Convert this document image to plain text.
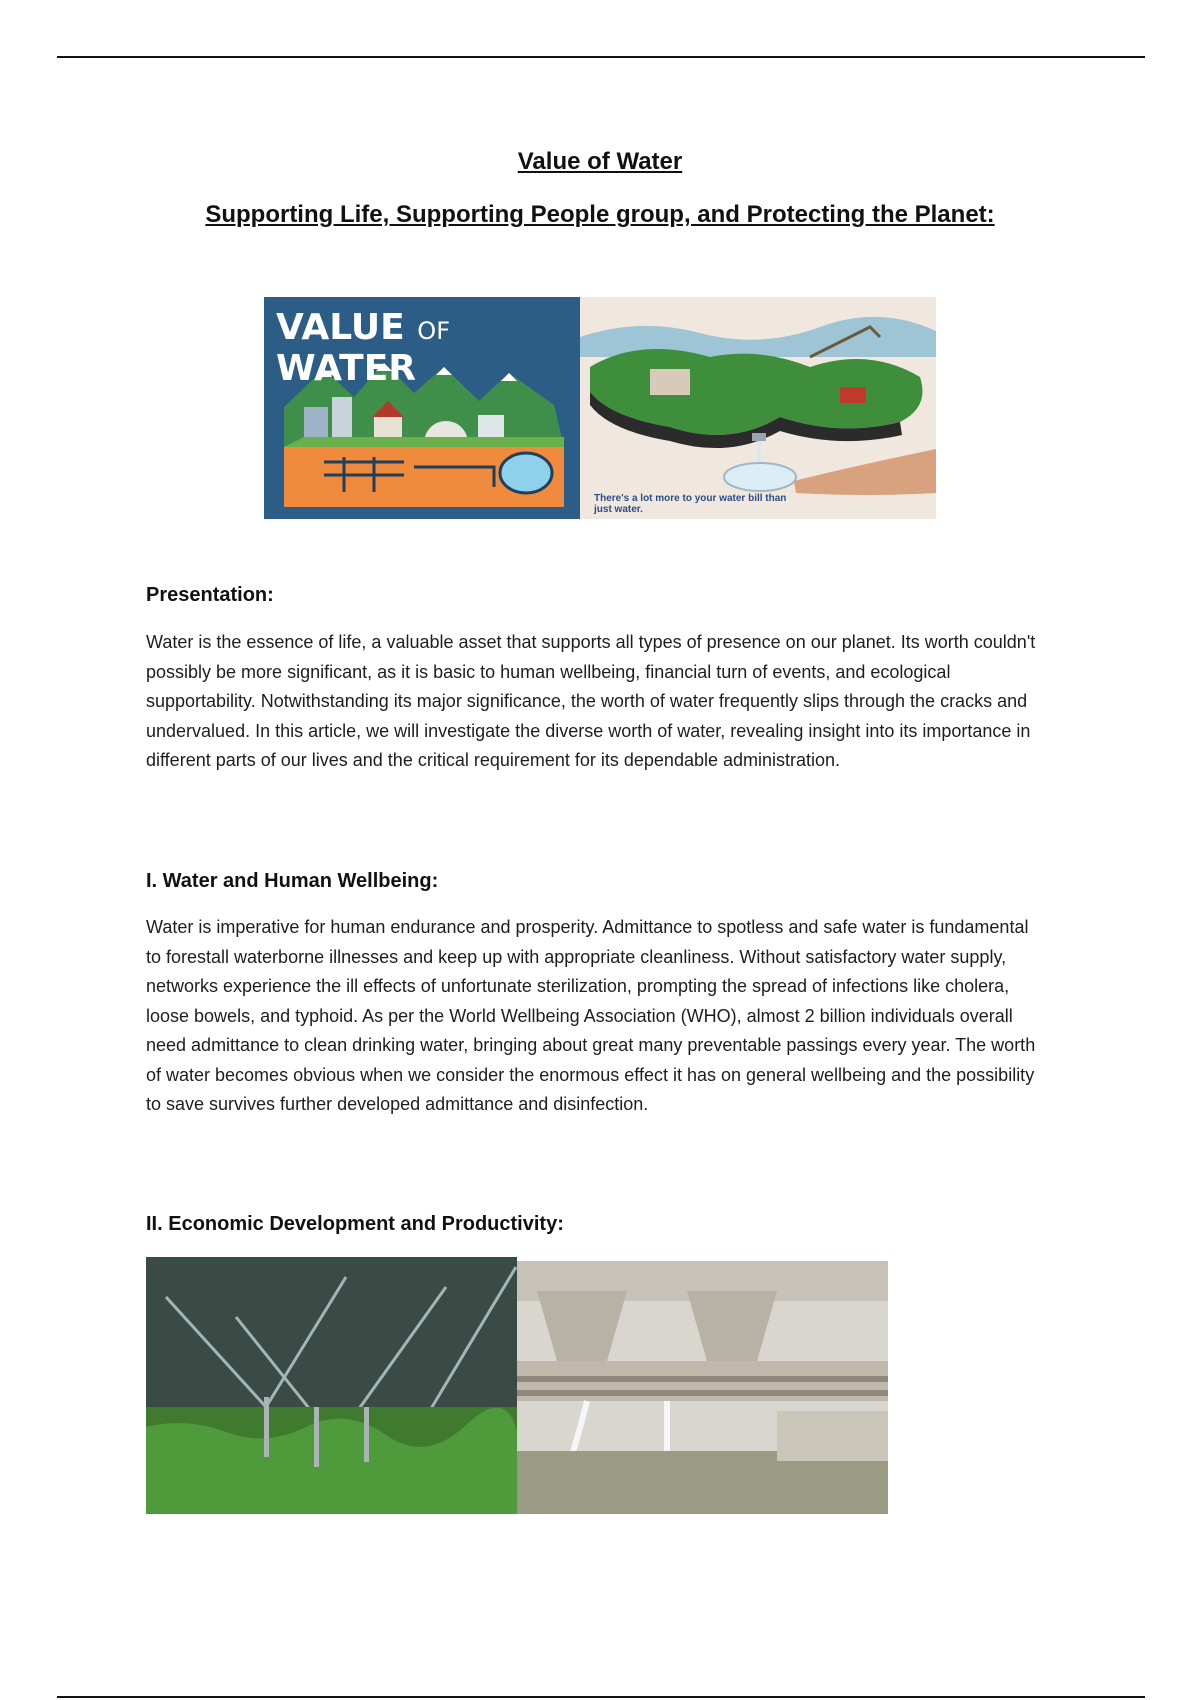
Value of Water
Supporting Life, Supporting People group, and Protecting the Planet:
VALUE OF WATER
There's a lot more to your water bill than just water.
Presentation:
Water is the essence of life, a valuable asset that supports all types of presence on our planet. Its worth couldn't possibly be more significant, as it is basic to human wellbeing, financial turn of events, and ecological supportability. Notwithstanding its major significance, the worth of water frequently slips through the cracks and undervalued. In this article, we will investigate the diverse worth of water, revealing insight into its importance in different parts of our lives and the critical requirement for its dependable administration.
I. Water and Human Wellbeing:
Water is imperative for human endurance and prosperity. Admittance to spotless and safe water is fundamental to forestall waterborne illnesses and keep up with appropriate cleanliness. Without satisfactory water supply, networks experience the ill effects of unfortunate sterilization, prompting the spread of infections like cholera, loose bowels, and typhoid. As per the World Wellbeing Association (WHO), almost 2 billion individuals overall need admittance to clean drinking water, bringing about great many preventable passings every year. The worth of water becomes obvious when we consider the enormous effect it has on general wellbeing and the possibility to save survives further developed admittance and disinfection.
II. Economic Development and Productivity:
